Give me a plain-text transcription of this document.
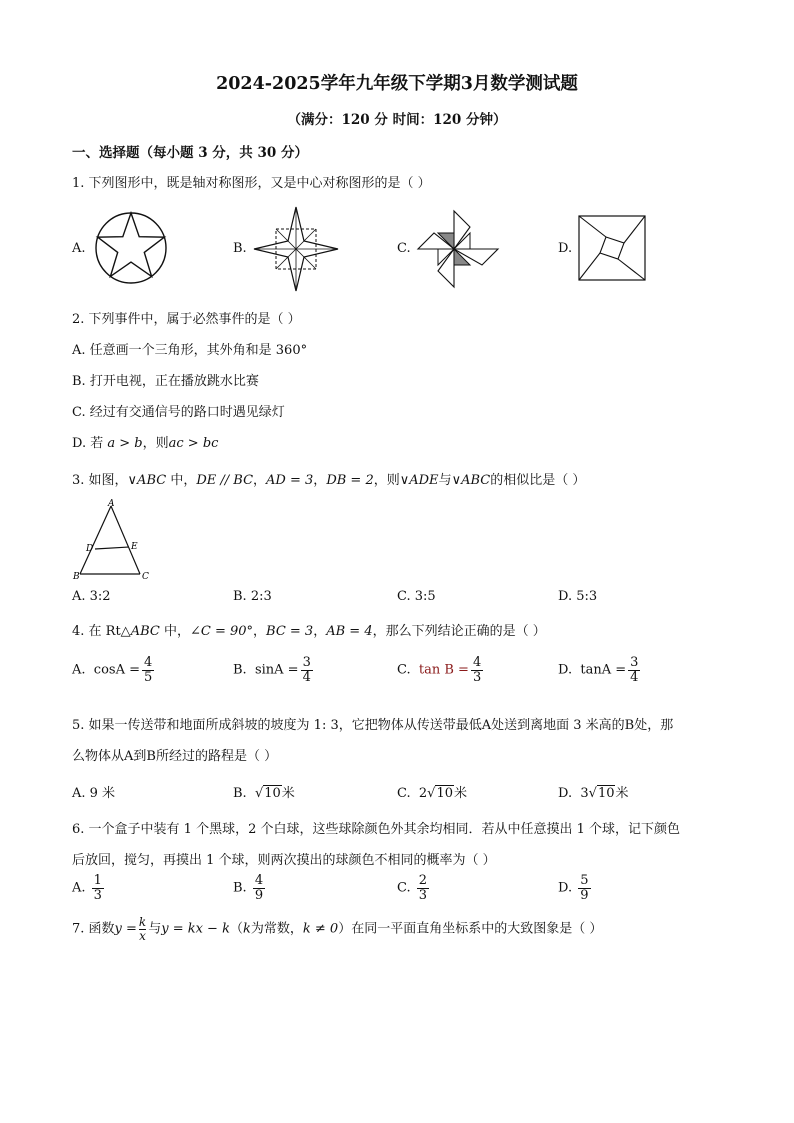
2024-2025学年九年级下学期3月数学测试题
（满分：120 分 时间：120 分钟）
一、选择题（每小题 3 分，共 30 分）
1. 下列图形中，既是轴对称图形，又是中心对称图形的是（ ）
A.	B.	C.	D.
2. 下列事件中，属于必然事件的是（ ）
A. 任意画一个三角形，其外角和是 360°
B. 打开电视，正在播放跳水比赛
C. 经过有交通信号的路口时遇见绿灯
D. 若 a > b，则ac > bc
3. 如图，∨ABC 中，DE // BC，AD = 3，DB = 2，则∨ADE与∨ABC的相似比是（ ）
A
D	E
B	C
A. 3:2	B. 2:3	C. 3:5	D. 5:3
4. 在 Rt△ABC 中，∠C = 90°，BC = 3，AB = 4，那么下列结论正确的是（ ）
A. $\cos A = \frac{4}{5}$	B. $\sin A = \frac{3}{4}$	C. $\tan B = \frac{4}{3}$	D. $\tan A = \frac{3}{4}$
5. 如果一传送带和地面所成斜坡的坡度为 1: 3，它把物体从传送带最低A处送到离地面 3 米高的B处，那
么物体从A到B所经过的路程是（ ）
A. 9 米	B.  √10米	C. 2√10米	D. 3√10米
6. 一个盒子中装有 1 个黑球，2 个白球，这些球除颜色外其余均相同．若从中任意摸出 1 个球，记下颜色
后放回，搅匀，再摸出 1 个球，则两次摸出的球颜色不相同的概率为（ ）
A. $\frac{1}{3}$	B. $\frac{4}{9}$	C. $\frac{2}{3}$	D. $\frac{5}{9}$
7. 函数$y = \frac{k}{x}$ 与y = kx − k（k为常数，k ≠ 0）在同一平面直角坐标系中的大致图象是（ ）
